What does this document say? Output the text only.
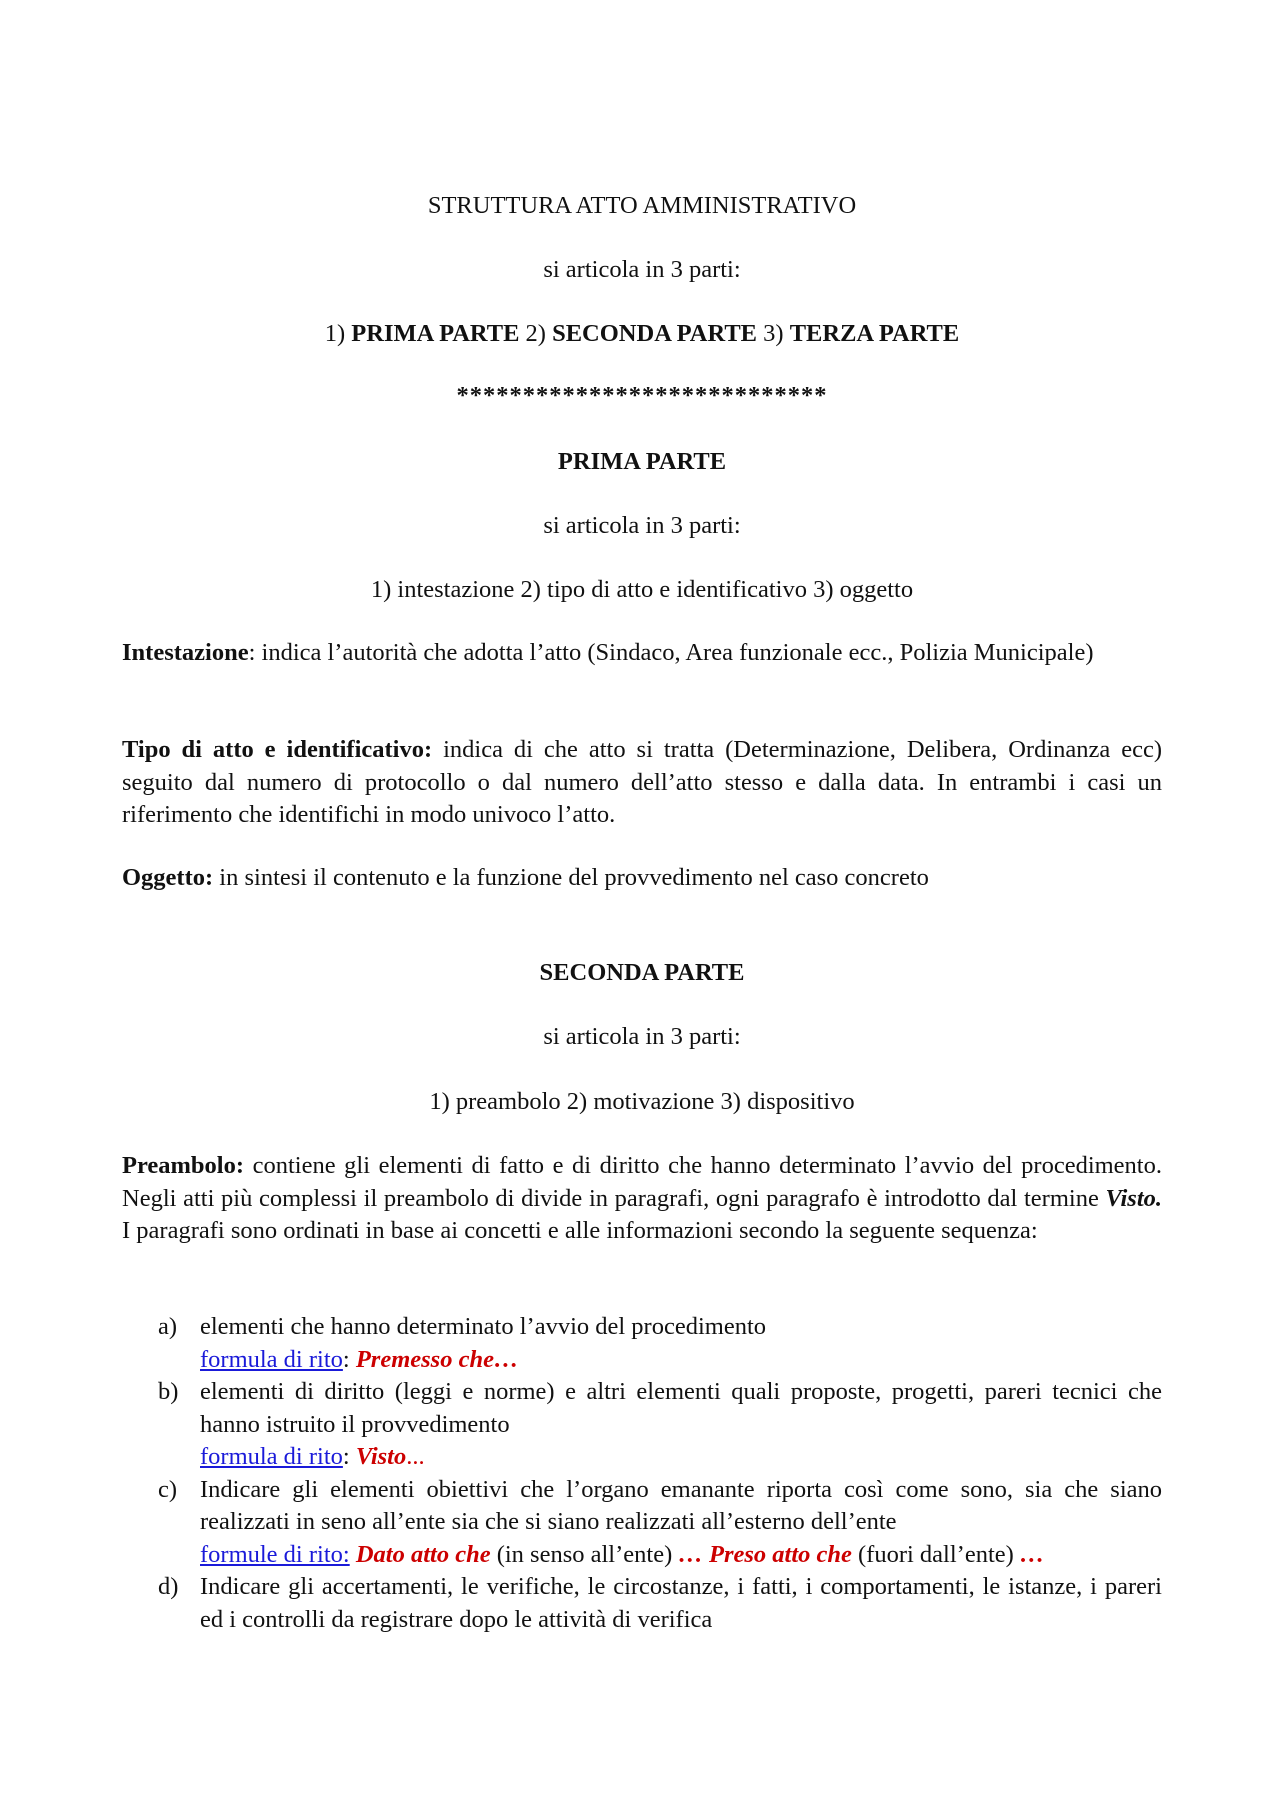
STRUTTURA ATTO AMMINISTRATIVO

si articola in 3 parti:

1) PRIMA PARTE 2) SECONDA PARTE 3) TERZA PARTE

****************************

PRIMA PARTE

si articola in 3 parti:

1) intestazione 2) tipo di atto e identificativo 3) oggetto

Intestazione: indica l’autorità che adotta l’atto (Sindaco, Area funzionale ecc., Polizia Municipale)

Tipo di atto e identificativo: indica di che atto si tratta (Determinazione, Delibera, Ordinanza ecc) seguito dal numero di protocollo o dal numero dell’atto stesso e dalla data. In entrambi i casi un riferimento che identifichi in modo univoco l’atto.

Oggetto: in sintesi il contenuto e la funzione del provvedimento nel caso concreto

SECONDA PARTE

si articola in 3 parti:

1) preambolo 2) motivazione 3) dispositivo

Preambolo: contiene gli elementi di fatto e di diritto che hanno determinato l’avvio del procedimento. Negli atti più complessi il preambolo di divide in paragrafi, ogni paragrafo è introdotto dal termine Visto. I paragrafi sono ordinati in base ai concetti e alle informazioni secondo la seguente sequenza:

a) elementi che hanno determinato l’avvio del procedimento
formula di rito: Premesso che…
b) elementi di diritto (leggi e norme) e altri elementi quali proposte, progetti, pareri tecnici che hanno istruito il provvedimento
formula di rito: Visto...
c) Indicare gli elementi obiettivi che l’organo emanante riporta così come sono, sia che siano realizzati in seno all’ente sia che si siano realizzati all’esterno dell’ente
formule di rito: Dato atto che (in senso all’ente) … Preso atto che (fuori dall’ente) …
d) Indicare gli accertamenti, le verifiche, le circostanze, i fatti, i comportamenti, le istanze, i pareri ed i controlli da registrare dopo le attività di verifica
